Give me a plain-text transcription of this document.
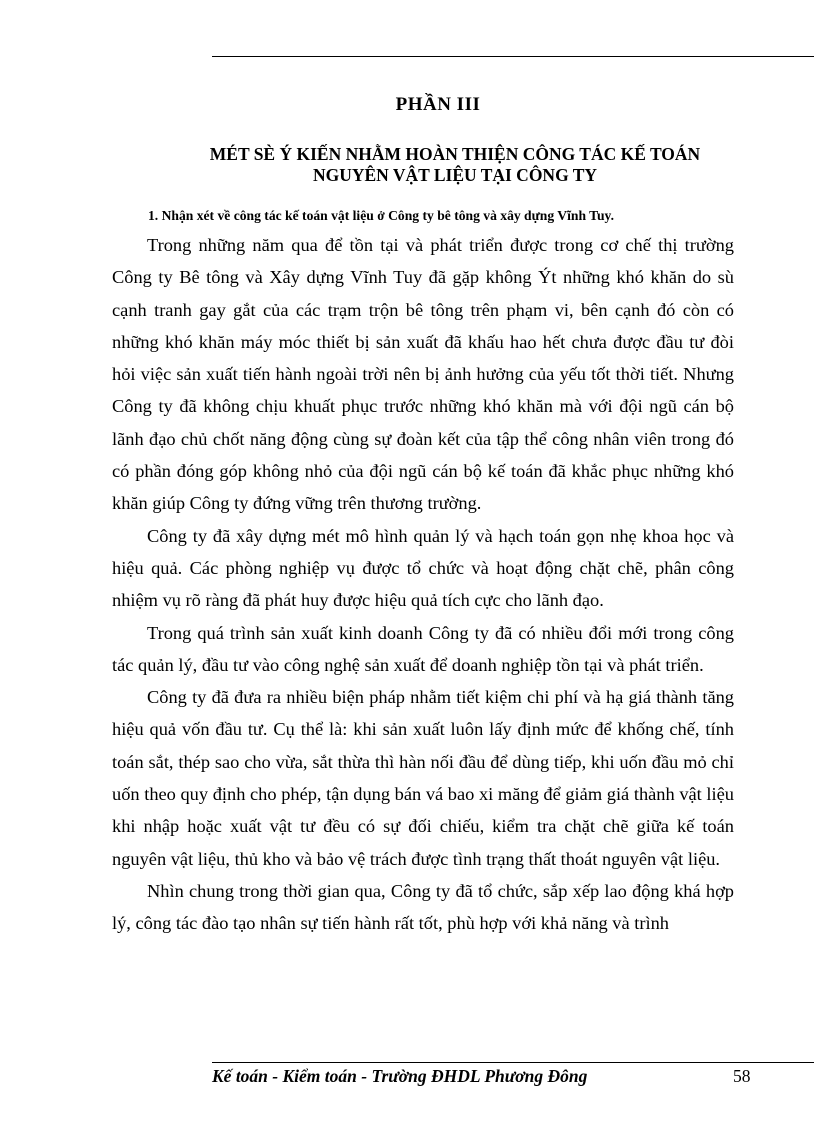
PHẦN III
MÉT SÈ Ý KIẾN NHẰM HOÀN THIỆN CÔNG TÁC KẾ TOÁN
NGUYÊN VẬT LIỆU TẠI CÔNG TY
1. Nhận xét về công tác kế toán vật liệu ở Công ty bê tông và xây dựng Vĩnh Tuy.

Trong những năm qua để tồn tại và phát triển được trong cơ chế thị trường Công ty Bê tông và Xây dựng Vĩnh Tuy đã gặp không Ýt những khó khăn do sù cạnh tranh gay gắt của các trạm trộn bê tông trên phạm vi, bên cạnh đó còn có những khó khăn máy móc thiết bị sản xuất đã khấu hao hết chưa được đầu tư đòi hỏi việc sản xuất tiến hành ngoài trời nên bị ảnh hưởng của yếu tốt thời tiết. Nhưng Công ty đã không chịu khuất phục trước những khó khăn mà với đội ngũ cán bộ lãnh đạo chủ chốt năng động cùng sự đoàn kết của tập thể công nhân viên trong đó có phần đóng góp không nhỏ của đội ngũ cán bộ kế toán đã khắc phục những khó khăn giúp Công ty đứng vững trên thương trường.

Công ty đã xây dựng mét mô hình quản lý và hạch toán gọn nhẹ khoa học và hiệu quả. Các phòng nghiệp vụ được tổ chức và hoạt động chặt chẽ, phân công nhiệm vụ rõ ràng đã phát huy được hiệu quả tích cực cho lãnh đạo.

Trong quá trình sản xuất kinh doanh Công ty đã có nhiều đổi mới trong công tác quản lý, đầu tư vào công nghệ sản xuất để doanh nghiệp tồn tại và phát triển.

Công ty đã đưa ra nhiều biện pháp nhằm tiết kiệm chi phí và hạ giá thành tăng hiệu quả vốn đầu tư. Cụ thể là: khi sản xuất luôn lấy định mức để khống chế, tính toán sắt, thép sao cho vừa, sắt thừa thì hàn nối đầu để dùng tiếp, khi uốn đầu mỏ chỉ uốn theo quy định cho phép, tận dụng bán vá bao xi măng để giảm giá thành vật liệu khi nhập hoặc xuất vật tư đều có sự đối chiếu, kiểm tra chặt chẽ giữa kế toán nguyên vật liệu, thủ kho và bảo vệ trách được tình trạng thất thoát nguyên vật liệu.

Nhìn chung trong thời gian qua, Công ty đã tổ chức, sắp xếp lao động khá hợp lý, công tác đào tạo nhân sự tiến hành rất tốt, phù hợp với khả năng và trình

Kế toán - Kiểm toán - Trường ĐHDL Phương Đông	58
